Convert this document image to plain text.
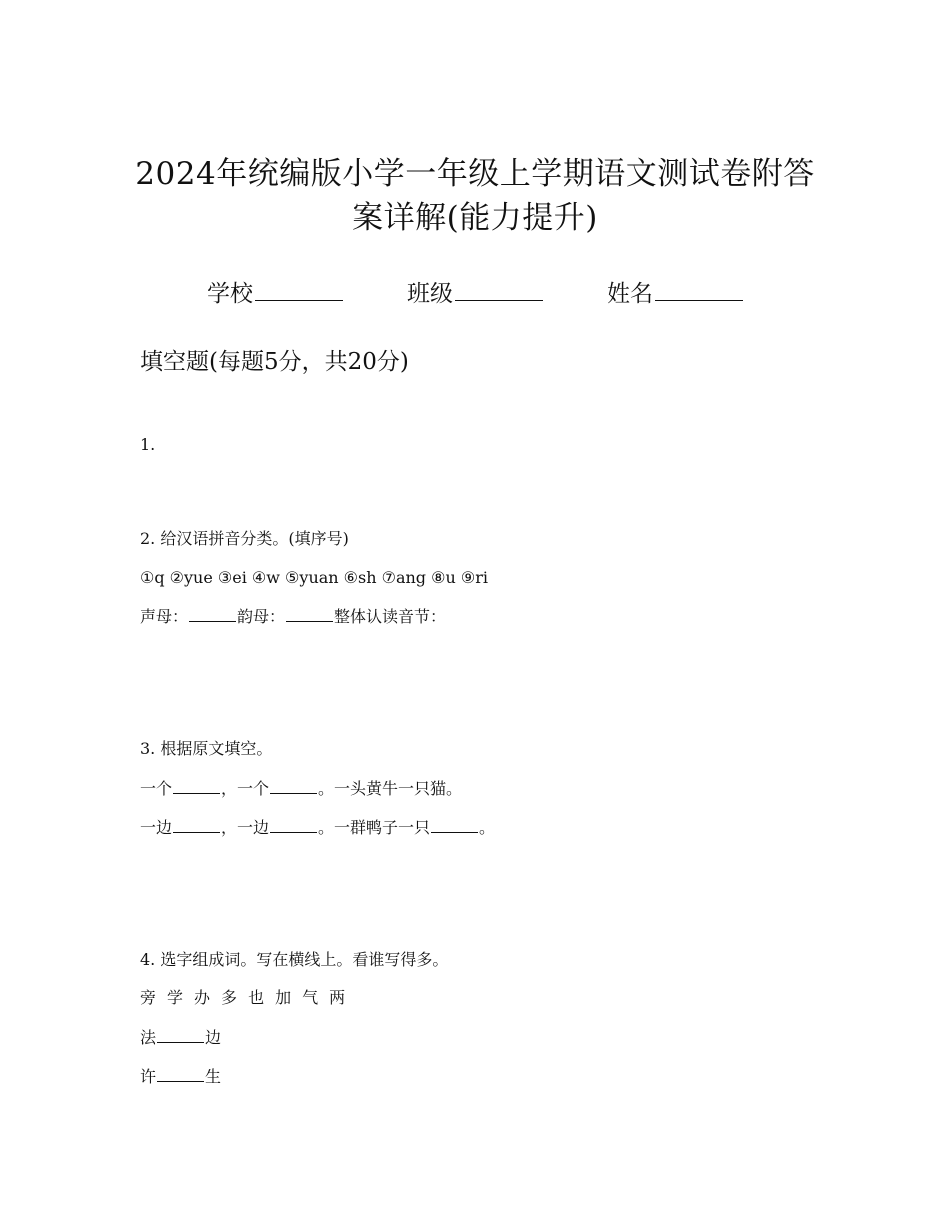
2024年统编版小学一年级上学期语文测试卷附答
案详解(能力提升)
学校	班级	姓名
填空题(每题5分，共20分)
1.
2. 给汉语拼音分类。(填序号)
①q ②yue ③ei ④w ⑤yuan ⑥sh ⑦ang ⑧u ⑨ri
声母：	韵母：	整体认读音节：
3. 根据原文填空。
一个	，一个	。一头黄牛一只猫。
一边	，一边	。一群鸭子一只	。
4. 选字组成词。写在横线上。看谁写得多。
旁 学 办 多 也 加 气 两
法	边
许	生
